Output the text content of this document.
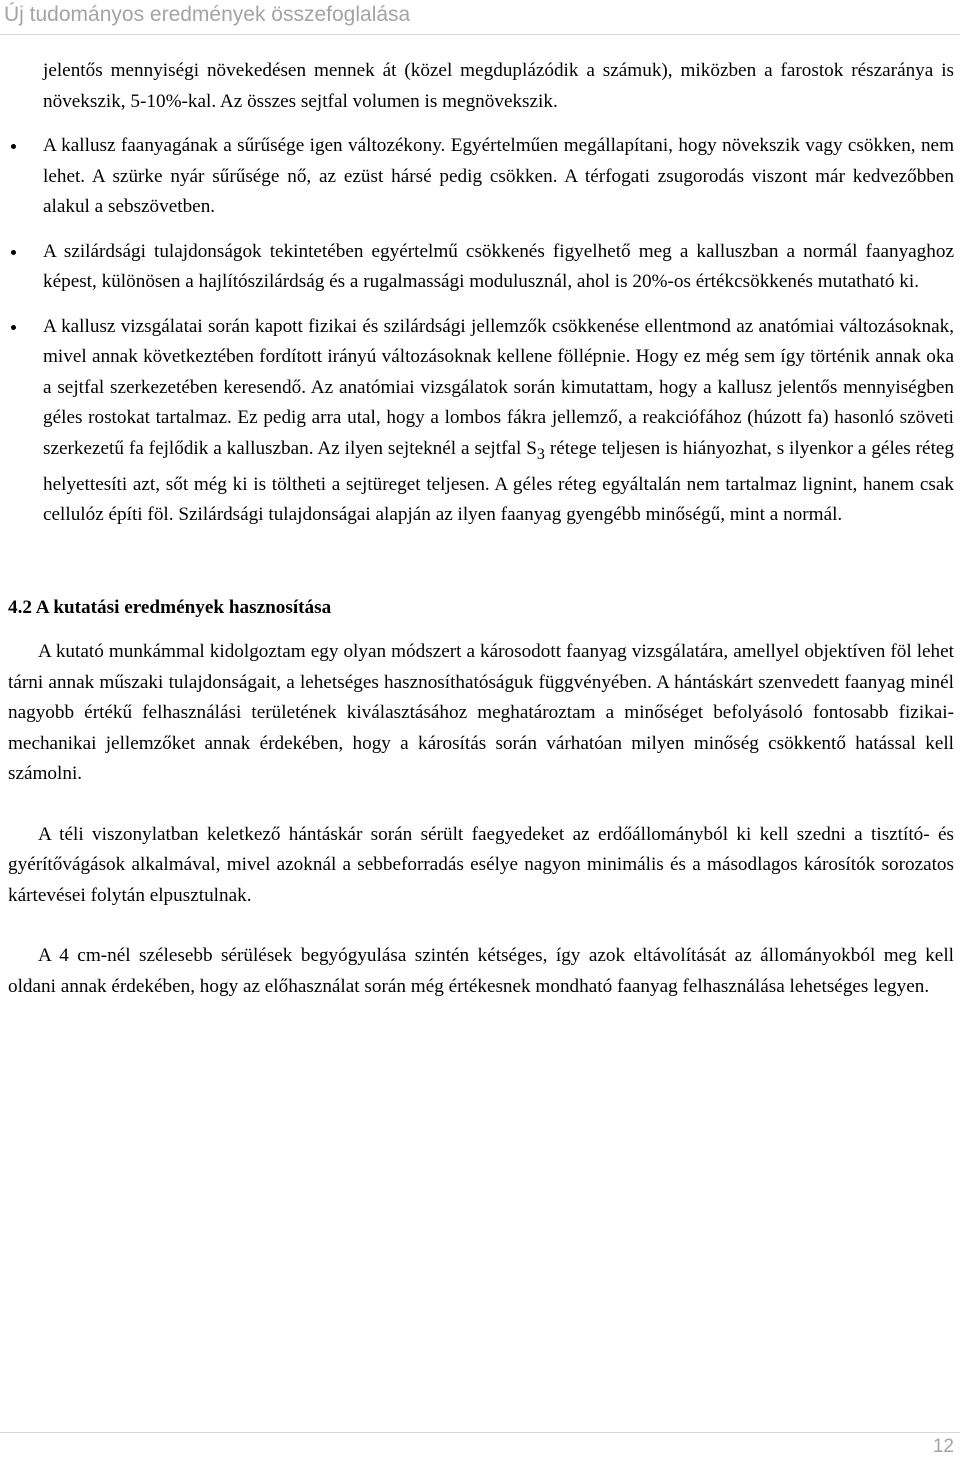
Új tudományos eredmények összefoglalása

jelentős mennyiségi növekedésen mennek át (közel megduplázódik a számuk), miközben a farostok részaránya is növekszik, 5-10%-kal. Az összes sejtfal volumen is megnövekszik.

A kallusz faanyagának a sűrűsége igen változékony. Egyértelműen megállapítani, hogy növekszik vagy csökken, nem lehet. A szürke nyár sűrűsége nő, az ezüst hársé pedig csökken. A térfogati zsugorodás viszont már kedvezőbben alakul a sebszövetben.
A szilárdsági tulajdonságok tekintetében egyértelmű csökkenés figyelhető meg a kalluszban a normál faanyaghoz képest, különösen a hajlítószilárdság és a rugalmassági modulusznál, ahol is 20%-os értékcsökkenés mutatható ki.
A kallusz vizsgálatai során kapott fizikai és szilárdsági jellemzők csökkenése ellentmond az anatómiai változásoknak, mivel annak következtében fordított irányú változásoknak kellene föllépnie. Hogy ez még sem így történik annak oka a sejtfal szerkezetében keresendő. Az anatómiai vizsgálatok során kimutattam, hogy a kallusz jelentős mennyiségben géles rostokat tartalmaz. Ez pedig arra utal, hogy a lombos fákra jellemző, a reakciófához (húzott fa) hasonló szöveti szerkezetű fa fejlődik a kalluszban. Az ilyen sejteknél a sejtfal $S_3$ rétege teljesen is hiányozhat, s ilyenkor a géles réteg helyettesíti azt, sőt még ki is töltheti a sejtüreget teljesen. A géles réteg egyáltalán nem tartalmaz lignint, hanem csak cellulóz építi föl. Szilárdsági tulajdonságai alapján az ilyen faanyag gyengébb minőségű, mint a normál.

4.2 A kutatási eredmények hasznosítása

A kutató munkámmal kidolgoztam egy olyan módszert a károsodott faanyag vizsgálatára, amellyel objektíven föl lehet tárni annak műszaki tulajdonságait, a lehetséges hasznosíthatóságuk függvényében. A hántáskárt szenvedett faanyag minél nagyobb értékű felhasználási területének kiválasztásához meghatároztam a minőséget befolyásoló fontosabb fizikai-mechanikai jellemzőket annak érdekében, hogy a károsítás során várhatóan milyen minőség csökkentő hatással kell számolni.

A téli viszonylatban keletkező hántáskár során sérült faegyedeket az erdőállományból ki kell szedni a tisztító- és gyérítővágások alkalmával, mivel azoknál a sebbeforradás esélye nagyon minimális és a másodlagos károsítók sorozatos kártevései folytán elpusztulnak.

A 4 cm-nél szélesebb sérülések begyógyulása szintén kétséges, így azok eltávolítását az állományokból meg kell oldani annak érdekében, hogy az előhasználat során még értékesnek mondható faanyag felhasználása lehetséges legyen.

12
